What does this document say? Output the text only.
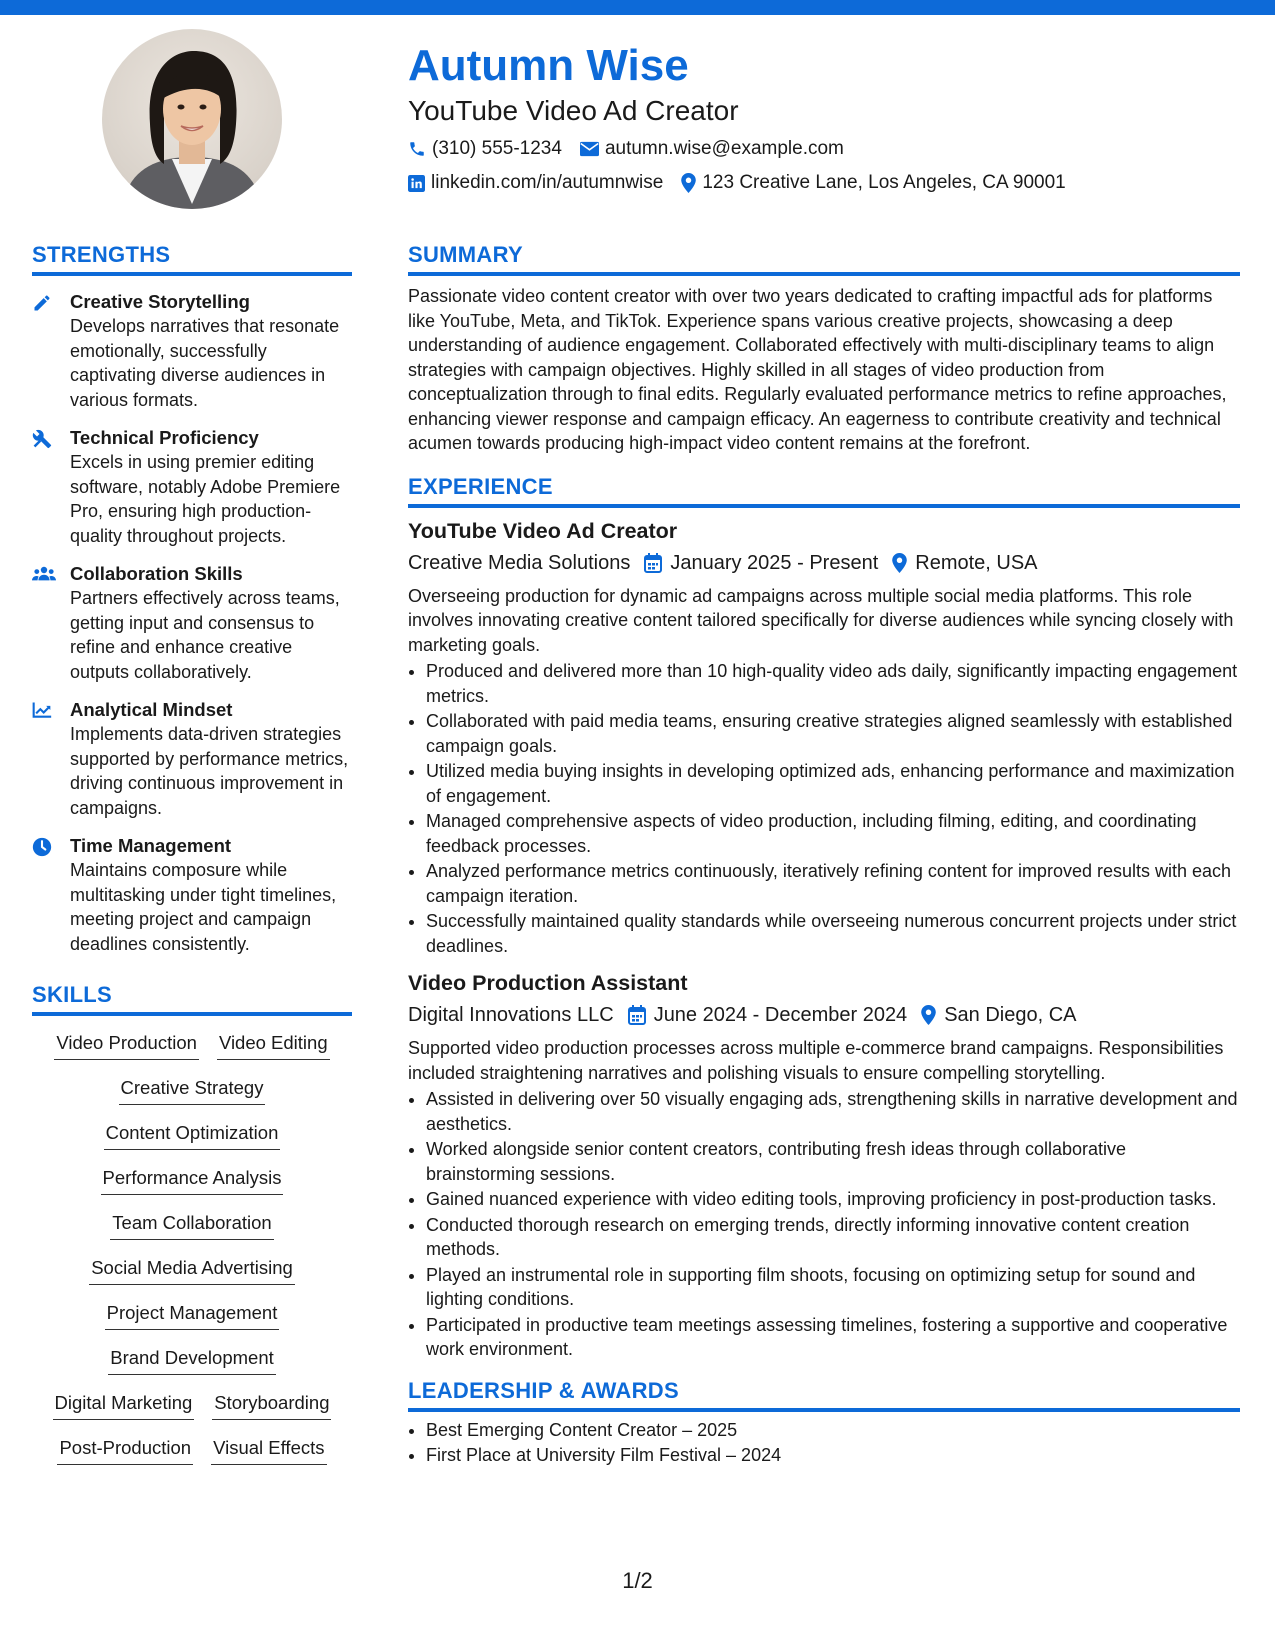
Autumn Wise
YouTube Video Ad Creator
(310) 555-1234 autumn.wise@example.com
linkedin.com/in/autumnwise 123 Creative Lane, Los Angeles, CA 90001
STRENGTHS
Creative Storytelling
Develops narratives that resonate emotionally, successfully captivating diverse audiences in various formats.
Technical Proficiency
Excels in using premier editing software, notably Adobe Premiere Pro, ensuring high production-quality throughout projects.
Collaboration Skills
Partners effectively across teams, getting input and consensus to refine and enhance creative outputs collaboratively.
Analytical Mindset
Implements data-driven strategies supported by performance metrics, driving continuous improvement in campaigns.
Time Management
Maintains composure while multitasking under tight timelines, meeting project and campaign deadlines consistently.
SKILLS
Video Production Video Editing
Creative Strategy
Content Optimization
Performance Analysis
Team Collaboration
Social Media Advertising
Project Management
Brand Development
Digital Marketing Storyboarding
Post-Production Visual Effects
SUMMARY
Passionate video content creator with over two years dedicated to crafting impactful ads for platforms like YouTube, Meta, and TikTok. Experience spans various creative projects, showcasing a deep understanding of audience engagement. Collaborated effectively with multi-disciplinary teams to align strategies with campaign objectives. Highly skilled in all stages of video production from conceptualization through to final edits. Regularly evaluated performance metrics to refine approaches, enhancing viewer response and campaign efficacy. An eagerness to contribute creativity and technical acumen towards producing high-impact video content remains at the forefront.
EXPERIENCE
YouTube Video Ad Creator
Creative Media Solutions January 2025 - Present Remote, USA
Overseeing production for dynamic ad campaigns across multiple social media platforms. This role involves innovating creative content tailored specifically for diverse audiences while syncing closely with marketing goals.
• Produced and delivered more than 10 high-quality video ads daily, significantly impacting engagement metrics.
• Collaborated with paid media teams, ensuring creative strategies aligned seamlessly with established campaign goals.
• Utilized media buying insights in developing optimized ads, enhancing performance and maximization of engagement.
• Managed comprehensive aspects of video production, including filming, editing, and coordinating feedback processes.
• Analyzed performance metrics continuously, iteratively refining content for improved results with each campaign iteration.
• Successfully maintained quality standards while overseeing numerous concurrent projects under strict deadlines.
Video Production Assistant
Digital Innovations LLC June 2024 - December 2024 San Diego, CA
Supported video production processes across multiple e-commerce brand campaigns. Responsibilities included straightening narratives and polishing visuals to ensure compelling storytelling.
• Assisted in delivering over 50 visually engaging ads, strengthening skills in narrative development and aesthetics.
• Worked alongside senior content creators, contributing fresh ideas through collaborative brainstorming sessions.
• Gained nuanced experience with video editing tools, improving proficiency in post-production tasks.
• Conducted thorough research on emerging trends, directly informing innovative content creation methods.
• Played an instrumental role in supporting film shoots, focusing on optimizing setup for sound and lighting conditions.
• Participated in productive team meetings assessing timelines, fostering a supportive and cooperative work environment.
LEADERSHIP & AWARDS
• Best Emerging Content Creator – 2025
• First Place at University Film Festival – 2024
1/2
